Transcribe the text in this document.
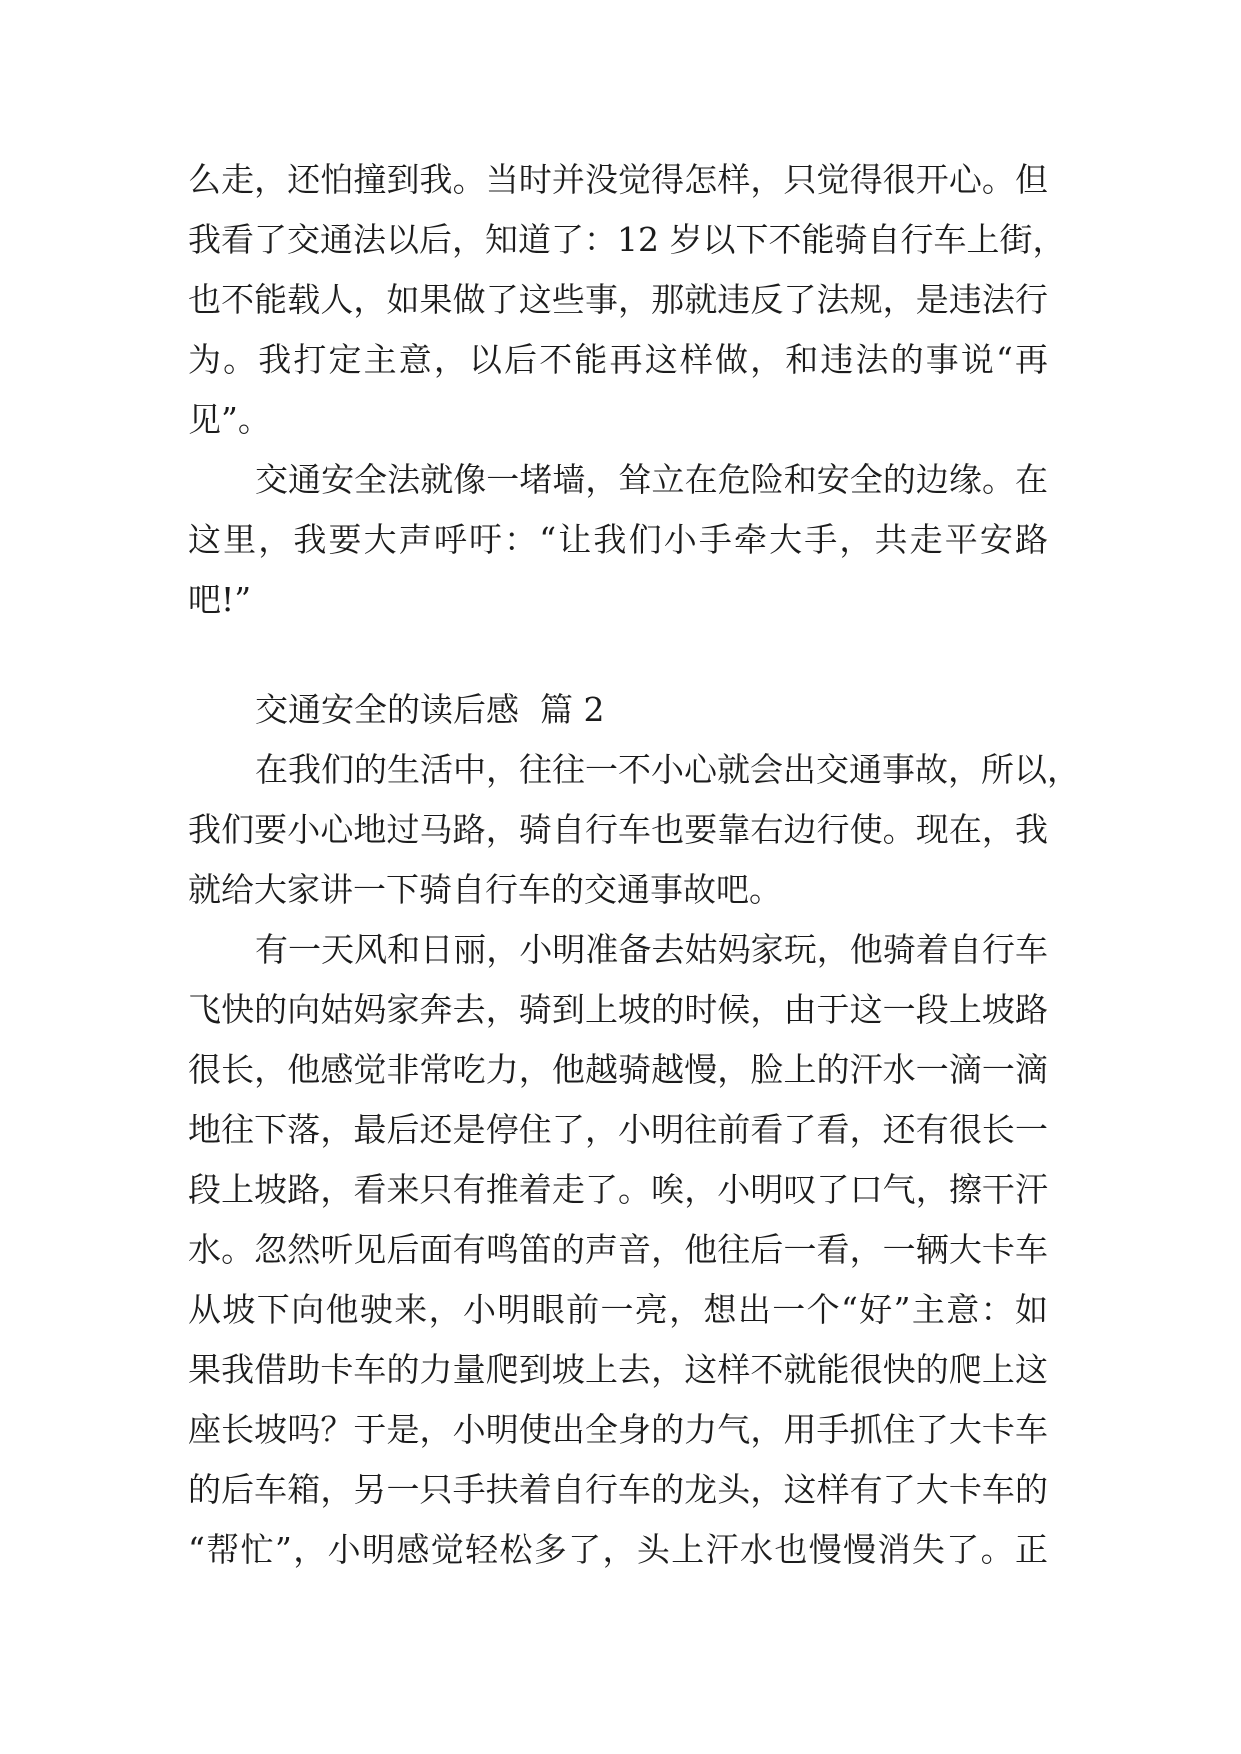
么走，还怕撞到我。当时并没觉得怎样，只觉得很开心。但
我看了交通法以后，知道了：12 岁以下不能骑自行车上街，
也不能载人，如果做了这些事，那就违反了法规，是违法行
为。我打定主意，以后不能再这样做，和违法的事说“再
见”。
交通安全法就像一堵墙，耸立在危险和安全的边缘。在
这里，我要大声呼吁：“让我们小手牵大手，共走平安路
吧!”
交通安全的读后感  篇 2
在我们的生活中，往往一不小心就会出交通事故，所以，
我们要小心地过马路，骑自行车也要靠右边行使。现在，我
就给大家讲一下骑自行车的交通事故吧。
有一天风和日丽，小明准备去姑妈家玩，他骑着自行车
飞快的向姑妈家奔去，骑到上坡的时候，由于这一段上坡路
很长，他感觉非常吃力，他越骑越慢，脸上的汗水一滴一滴
地往下落，最后还是停住了，小明往前看了看，还有很长一
段上坡路，看来只有推着走了。唉，小明叹了口气，擦干汗
水。忽然听见后面有鸣笛的声音，他往后一看，一辆大卡车
从坡下向他驶来，小明眼前一亮，想出一个“好”主意：如
果我借助卡车的力量爬到坡上去，这样不就能很快的爬上这
座长坡吗？于是，小明使出全身的力气，用手抓住了大卡车
的后车箱，另一只手扶着自行车的龙头，这样有了大卡车的
“帮忙”，小明感觉轻松多了，头上汗水也慢慢消失了。正
